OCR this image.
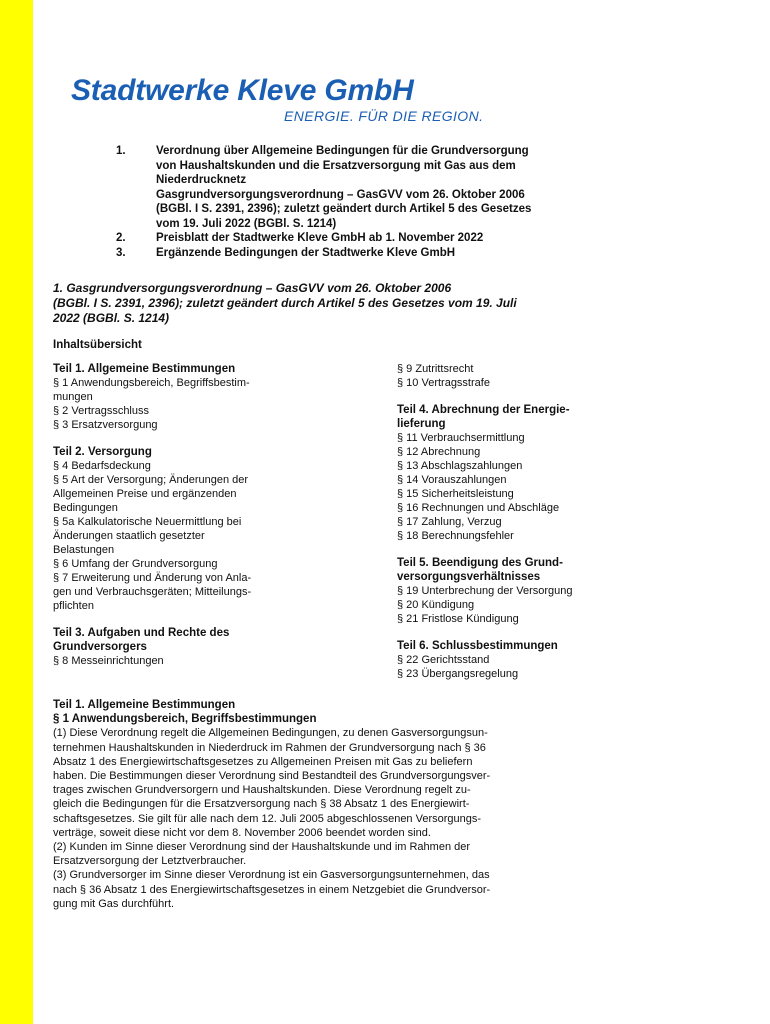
Stadtwerke Kleve GmbH
ENERGIE. FÜR DIE REGION.
1.	Verordnung über Allgemeine Bedingungen für die Grundversorgung
von Haushaltskunden und die Ersatzversorgung mit Gas aus dem
Niederdrucknetz
Gasgrundversorgungsverordnung – GasGVV vom 26. Oktober 2006
(BGBl. I S. 2391, 2396); zuletzt geändert durch Artikel 5 des Gesetzes
vom 19. Juli 2022 (BGBl. S. 1214)
2.	Preisblatt der Stadtwerke Kleve GmbH ab 1. November 2022
3.	Ergänzende Bedingungen der Stadtwerke Kleve GmbH
1. Gasgrundversorgungsverordnung – GasGVV vom 26. Oktober 2006
(BGBl. I S. 2391, 2396); zuletzt geändert durch Artikel 5 des Gesetzes vom 19. Juli
2022 (BGBl. S. 1214)
Inhaltsübersicht
Teil 1. Allgemeine Bestimmungen
§ 1 Anwendungsbereich, Begriffsbestim-
mungen
§ 2 Vertragsschluss
§ 3 Ersatzversorgung
Teil 2. Versorgung
§ 4 Bedarfsdeckung
§ 5 Art der Versorgung; Änderungen der
Allgemeinen Preise und ergänzenden
Bedingungen
§ 5a Kalkulatorische Neuermittlung bei
Änderungen staatlich gesetzter
Belastungen
§ 6 Umfang der Grundversorgung
§ 7 Erweiterung und Änderung von Anla-
gen und Verbrauchsgeräten; Mitteilungs-
pflichten
Teil 3. Aufgaben und Rechte des
Grundversorgers
§ 8 Messeinrichtungen
§ 9 Zutrittsrecht
§ 10 Vertragsstrafe
Teil 4. Abrechnung der Energie-
lieferung
§ 11 Verbrauchsermittlung
§ 12 Abrechnung
§ 13 Abschlagszahlungen
§ 14 Vorauszahlungen
§ 15 Sicherheitsleistung
§ 16 Rechnungen und Abschläge
§ 17 Zahlung, Verzug
§ 18 Berechnungsfehler
Teil 5. Beendigung des Grund-
versorgungsverhältnisses
§ 19 Unterbrechung der Versorgung
§ 20 Kündigung
§ 21 Fristlose Kündigung
Teil 6. Schlussbestimmungen
§ 22 Gerichtsstand
§ 23 Übergangsregelung
Teil 1. Allgemeine Bestimmungen
§ 1 Anwendungsbereich, Begriffsbestimmungen
(1) Diese Verordnung regelt die Allgemeinen Bedingungen, zu denen Gasversorgungsun-
ternehmen Haushaltskunden in Niederdruck im Rahmen der Grundversorgung nach § 36
Absatz 1 des Energiewirtschaftsgesetzes zu Allgemeinen Preisen mit Gas zu beliefern
haben. Die Bestimmungen dieser Verordnung sind Bestandteil des Grundversorgungsver-
trages zwischen Grundversorgern und Haushaltskunden. Diese Verordnung regelt zu-
gleich die Bedingungen für die Ersatzversorgung nach § 38 Absatz 1 des Energiewirt-
schaftsgesetzes. Sie gilt für alle nach dem 12. Juli 2005 abgeschlossenen Versorgungs-
verträge, soweit diese nicht vor dem 8. November 2006 beendet worden sind.
(2) Kunden im Sinne dieser Verordnung sind der Haushaltskunde und im Rahmen der
Ersatzversorgung der Letztverbraucher.
(3) Grundversorger im Sinne dieser Verordnung ist ein Gasversorgungsunternehmen, das
nach § 36 Absatz 1 des Energiewirtschaftsgesetzes in einem Netzgebiet die Grundversor-
gung mit Gas durchführt.
